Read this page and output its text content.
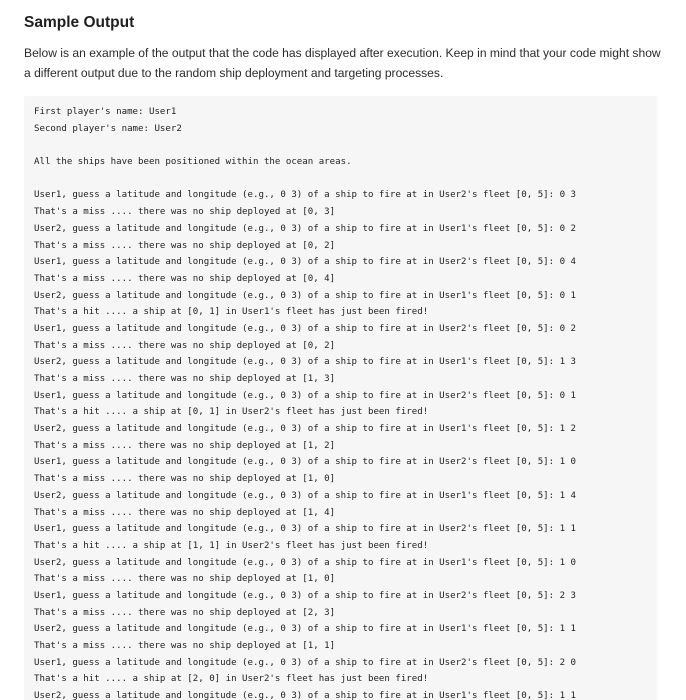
Sample Output

Below is an example of the output that the code has displayed after execution. Keep in mind that your code might show a different output due to the random ship deployment and targeting processes.

First player's name: User1
Second player's name: User2
All the ships have been positioned within the ocean areas.
User1, guess a latitude and longitude (e.g., 0 3) of a ship to fire at in User2's fleet [0, 5]: 0 3
That's a miss .... there was no ship deployed at [0, 3]
User2, guess a latitude and longitude (e.g., 0 3) of a ship to fire at in User1's fleet [0, 5]: 0 2
That's a miss .... there was no ship deployed at [0, 2]
User1, guess a latitude and longitude (e.g., 0 3) of a ship to fire at in User2's fleet [0, 5]: 0 4
That's a miss .... there was no ship deployed at [0, 4]
User2, guess a latitude and longitude (e.g., 0 3) of a ship to fire at in User1's fleet [0, 5]: 0 1
That's a hit .... a ship at [0, 1] in User1's fleet has just been fired!
User1, guess a latitude and longitude (e.g., 0 3) of a ship to fire at in User2's fleet [0, 5]: 0 2
That's a miss .... there was no ship deployed at [0, 2]
User2, guess a latitude and longitude (e.g., 0 3) of a ship to fire at in User1's fleet [0, 5]: 1 3
That's a miss .... there was no ship deployed at [1, 3]
User1, guess a latitude and longitude (e.g., 0 3) of a ship to fire at in User2's fleet [0, 5]: 0 1
That's a hit .... a ship at [0, 1] in User2's fleet has just been fired!
User2, guess a latitude and longitude (e.g., 0 3) of a ship to fire at in User1's fleet [0, 5]: 1 2
That's a miss .... there was no ship deployed at [1, 2]
User1, guess a latitude and longitude (e.g., 0 3) of a ship to fire at in User2's fleet [0, 5]: 1 0
That's a miss .... there was no ship deployed at [1, 0]
User2, guess a latitude and longitude (e.g., 0 3) of a ship to fire at in User1's fleet [0, 5]: 1 4
That's a miss .... there was no ship deployed at [1, 4]
User1, guess a latitude and longitude (e.g., 0 3) of a ship to fire at in User2's fleet [0, 5]: 1 1
That's a hit .... a ship at [1, 1] in User2's fleet has just been fired!
User2, guess a latitude and longitude (e.g., 0 3) of a ship to fire at in User1's fleet [0, 5]: 1 0
That's a miss .... there was no ship deployed at [1, 0]
User1, guess a latitude and longitude (e.g., 0 3) of a ship to fire at in User2's fleet [0, 5]: 2 3
That's a miss .... there was no ship deployed at [2, 3]
User2, guess a latitude and longitude (e.g., 0 3) of a ship to fire at in User1's fleet [0, 5]: 1 1
That's a miss .... there was no ship deployed at [1, 1]
User1, guess a latitude and longitude (e.g., 0 3) of a ship to fire at in User2's fleet [0, 5]: 2 0
That's a hit .... a ship at [2, 0] in User2's fleet has just been fired!
User2, guess a latitude and longitude (e.g., 0 3) of a ship to fire at in User1's fleet [0, 5]: 1 1
